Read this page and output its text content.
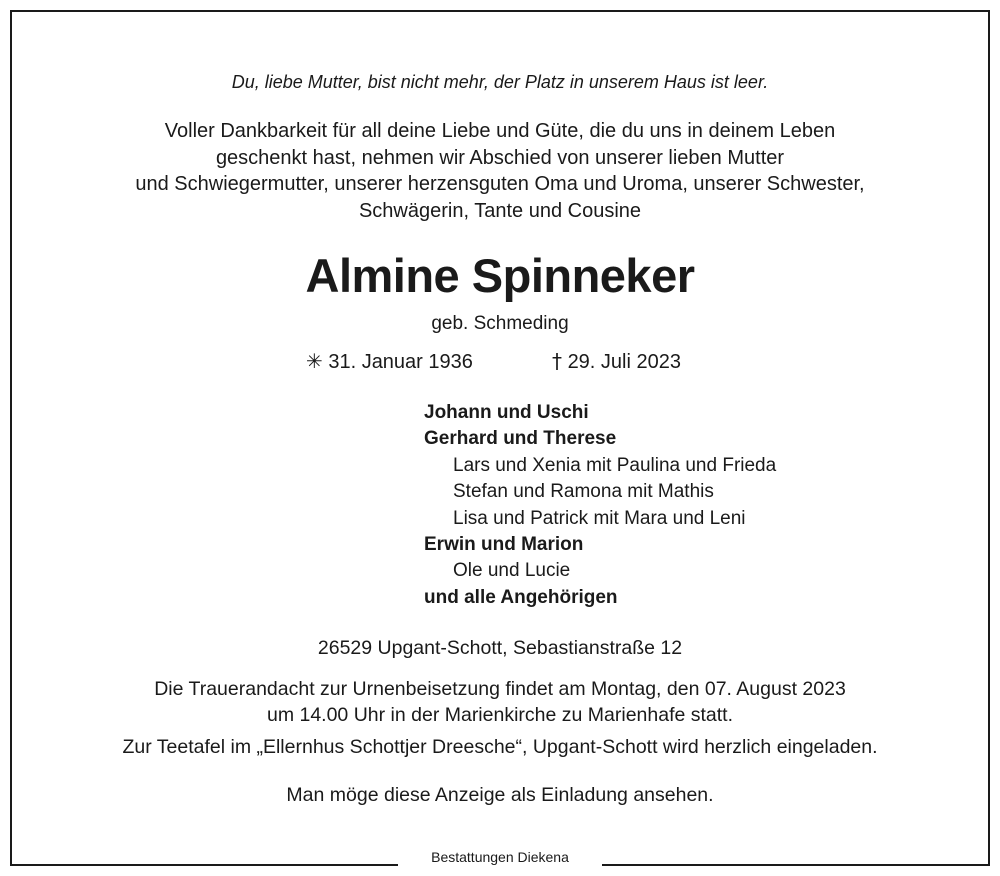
Du, liebe Mutter, bist nicht mehr, der Platz in unserem Haus ist leer.
Voller Dankbarkeit für all deine Liebe und Güte, die du uns in deinem Leben
geschenkt hast, nehmen wir Abschied von unserer lieben Mutter
und Schwiegermutter, unserer herzensguten Oma und Uroma, unserer Schwester,
Schwägerin, Tante und Cousine
Almine Spinneker
geb. Schmeding
✳ 31. Januar 1936	† 29. Juli 2023
Johann und Uschi
Gerhard und Therese
Lars und Xenia mit Paulina und Frieda
Stefan und Ramona mit Mathis
Lisa und Patrick mit Mara und Leni
Erwin und Marion
Ole und Lucie
und alle Angehörigen
26529 Upgant-Schott, Sebastianstraße 12
Die Trauerandacht zur Urnenbeisetzung findet am Montag, den 07. August 2023
um 14.00 Uhr in der Marienkirche zu Marienhafe statt.
Zur Teetafel im „Ellernhus Schottjer Dreesche“, Upgant-Schott wird herzlich eingeladen.
Man möge diese Anzeige als Einladung ansehen.
Bestattungen Diekena
